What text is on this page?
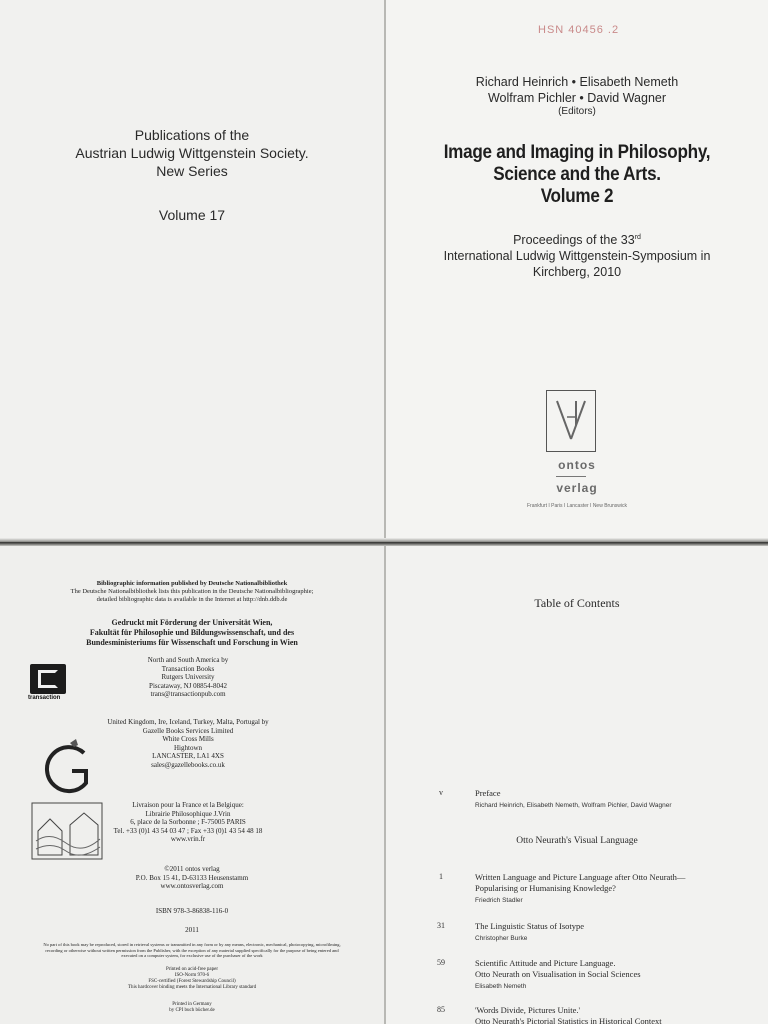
Publications of the
Austrian Ludwig Wittgenstein Society.
New Series
Volume 17
HSN 40456 .2
Richard Heinrich • Elisabeth Nemeth
Wolfram Pichler • David Wagner
(Editors)
Image and Imaging in Philosophy,
Science and the Arts.
Volume 2
Proceedings of the 33rd
International Ludwig Wittgenstein-Symposium in
Kirchberg, 2010
ontos
verlag
Frankfurt I Paris I Lancaster I New Brunswick
Bibliographic information published by Deutsche Nationalbibliothek
The Deutsche Nationalbibliothek lists this publication in the Deutsche Nationalbibliographie;
detailed bibliographic data is available in the Internet at http://dnb.ddb.de
Gedruckt mit Förderung der Universität Wien,
Fakultät für Philosophie und Bildungswissenschaft, und des
Bundesministeriums für Wissenschaft und Forschung in Wien
transaction
North and South America by
Transaction Books
Rutgers University
Piscataway, NJ 08854-8042
trans@transactionpub.com
United Kingdom, Ire, Iceland, Turkey, Malta, Portugal by
Gazelle Books Services Limited
White Cross Mills
Hightown
LANCASTER, LA1 4XS
sales@gazellebooks.co.uk
Livraison pour la France et la Belgique:
Librairie Philosophique J.Vrin
6, place de la Sorbonne ; F-75005 PARIS
Tel. +33 (0)1 43 54 03 47 ; Fax +33 (0)1 43 54 48 18
www.vrin.fr
©2011 ontos verlag
P.O. Box 15 41, D-63133 Heusenstamm
www.ontosverlag.com
ISBN 978-3-86838-116-0
2011
No part of this book may be reproduced, stored in retrieval systems or transmitted in any form or by any means, electronic, mechanical, photocopying, microfilming, recording or otherwise without written permission from the Publisher, with the exception of any material supplied specifically for the purpose of being entered and executed on a computer system, for exclusive use of the purchaser of the work
Printed on acid-free paper
ISO-Norm 970-6
FSC-certified (Forest Stewardship Council)
This hardcover binding meets the International Library standard
Printed in Germany
by CPI buch bücher.de
Table of Contents
v	Preface
Richard Heinrich, Elisabeth Nemeth, Wolfram Pichler, David Wagner
Otto Neurath's Visual Language
1	Written Language and Picture Language after Otto Neurath—
Popularising or Humanising Knowledge?
Friedrich Stadler
31	The Linguistic Status of Isotype
Christopher Burke
59	Scientific Attitude and Picture Language.
Otto Neurath on Visualisation in Social Sciences
Elisabeth Nemeth
85	'Words Divide, Pictures Unite.'
Otto Neurath's Pictorial Statistics in Historical Context
